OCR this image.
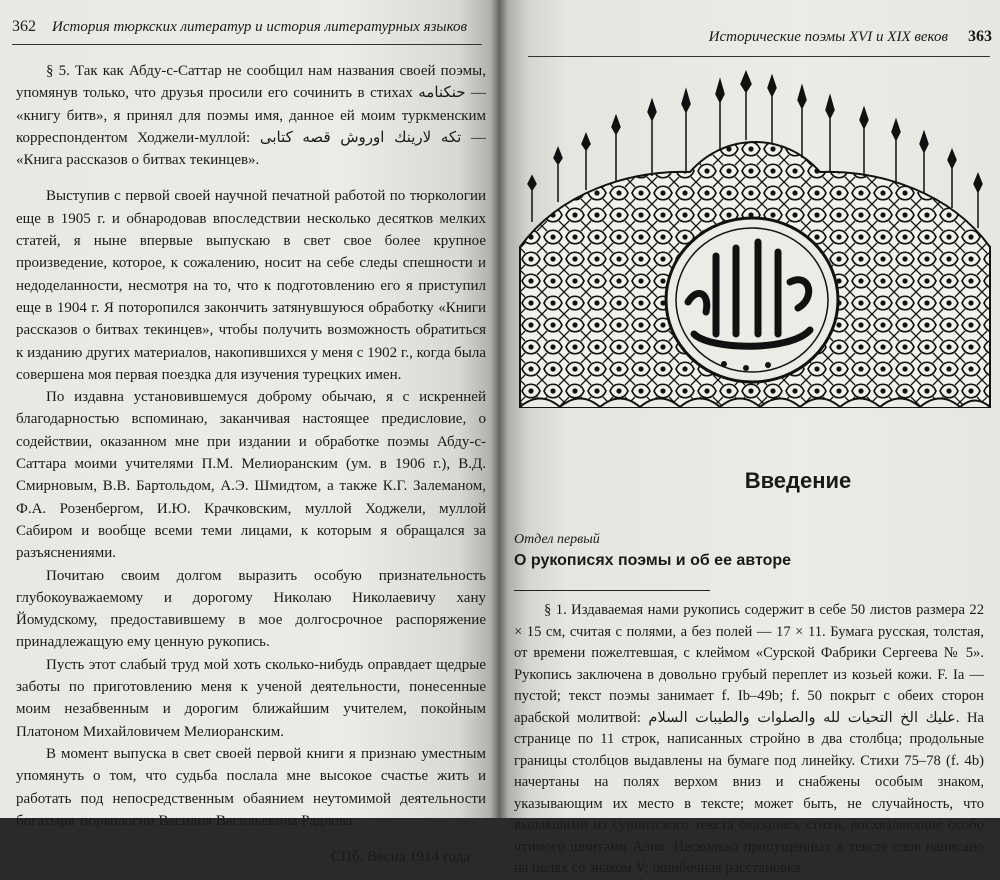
362 История тюркских литератур и история литературных языков

§ 5. Так как Абду-с-Саттар не сообщил нам названия своей поэмы, упомянув только, что друзья просили его сочинить в стихах حنکنامه — «книгу битв», я принял для поэмы имя, данное ей моим туркменским корреспондентом Ходжели-муллой: تکه لارینك اوروش قصه کتابی — «Книга рассказов о битвах текинцев».

Выступив с первой своей научной печатной работой по тюркологии еще в 1905 г. и обнародовав впоследствии несколько десятков мелких статей, я ныне впервые выпускаю в свет свое более крупное произведение, которое, к сожалению, носит на себе следы спешности и недоделанности, несмотря на то, что к подготовлению его я приступил еще в 1904 г. Я поторопился закончить затянувшуюся обработку «Книги рассказов о битвах текинцев», чтобы получить возможность обратиться к изданию других материалов, накопившихся у меня с 1902 г., когда была совершена моя первая поездка для изучения турецких имен.

По издавна установившемуся доброму обычаю, я с искренней благодарностью вспоминаю, заканчивая настоящее предисловие, о содействии, оказанном мне при издании и обработке поэмы Абду-с-Саттара моими учителями П.М. Мелиоранским (ум. в 1906 г.), В.Д. Смирновым, В.В. Бартольдом, А.Э. Шмидтом, а также К.Г. Залеманом, Ф.А. Розенбергом, И.Ю. Крачковским, муллой Ходжели, муллой Сабиром и вообще всеми теми лицами, к которым я обращался за разъяснениями.

Почитаю своим долгом выразить особую признательность глубокоуважаемому и дорогому Николаю Николаевичу хану Йомудскому, предоставившему в мое долгосрочное распоряжение принадлежащую ему ценную рукопись.

Пусть этот слабый труд мой хоть сколько-нибудь оправдает щедрые заботы по приготовлению меня к ученой деятельности, понесенные моим незабвенным и дорогим ближайшим учителем, покойным Платоном Михайловичем Мелиоранским.

В момент выпуска в свет своей первой книги я признаю уместным упомянуть о том, что судьба послала мне высокое счастье жить и работать под непосредственным обаянием неутомимой деятельности богатыря тюркологии Василия Васильевича Радлова.

СПб. Весна 1914 года
Исторические поэмы XVI и XIX веков 363
Введение
Отдел первый
О рукописях поэмы и об ее авторе

§ 1. Издаваемая нами рукопись содержит в себе 50 листов размера 22 × 15 см, считая с полями, а без полей — 17 × 11. Бумага русская, толстая, от времени пожелтевшая, с клеймом «Сурской Фабрики Сергеева № 5». Рукопись заключена в довольно грубый переплет из козьей кожи. F. Ia — пустой; текст поэмы занимает f. Ib–49b; f. 50 покрыт с обеих сторон арабской молитвой: علیك الخ التحیات لله والصلوات والطیبات السلام. На странице по 11 строк, написанных стройно в два столбца; продольные границы столбцов выдавлены на бумаге под линейку. Стихи 75–78 (f. 4b) начертаны на полях верхом вниз и снабжены особым знаком, указывающим их место в тексте; может быть, не случайность, что выпавшими из суннитского текста оказались стихи, восхваляющие особо чтимого шиитами Алия. Несколько пропущенных в тексте слов написано на полях со знаком V; ошибочная расстановка
